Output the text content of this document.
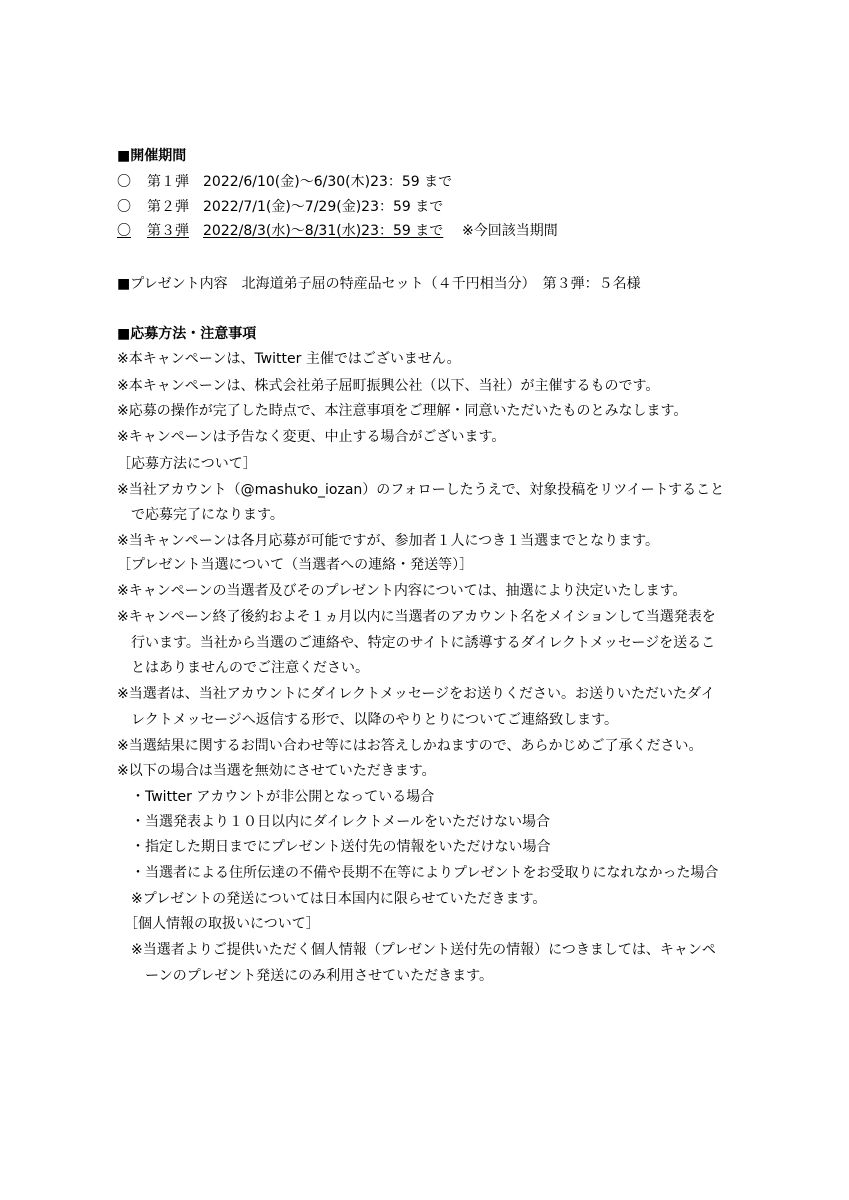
■開催期間
〇	第１弾	2022/6/10(金)～6/30(木)23：59 まで
〇	第２弾	2022/7/1(金)～7/29(金)23：59 まで
〇	第３弾	2022/8/3(水)～8/31(水)23：59 まで ※今回該当期間
■プレゼント内容　北海道弟子屈の特産品セット（４千円相当分）　第３弾：５名様
■応募方法・注意事項
※本キャンペーンは、Twitter 主催ではございません。
※本キャンペーンは、株式会社弟子屈町振興公社（以下、当社）が主催するものです。
※応募の操作が完了した時点で、本注意事項をご理解・同意いただいたものとみなします。
※キャンペーンは予告なく変更、中止する場合がございます。
［応募方法について］
※当社アカウント（@mashuko_iozan）のフォローしたうえで、対象投稿をリツイートすること
　で応募完了になります。
※当キャンペーンは各月応募が可能ですが、参加者１人につき１当選までとなります。
［プレゼント当選について（当選者への連絡・発送等）］
※キャンペーンの当選者及びそのプレゼント内容については、抽選により決定いたします。
※キャンペーン終了後約およそ１ヵ月以内に当選者のアカウント名をメイションして当選発表を
　行います。当社から当選のご連絡や、特定のサイトに誘導するダイレクトメッセージを送るこ
　とはありませんのでご注意ください。
※当選者は、当社アカウントにダイレクトメッセージをお送りください。お送りいただいたダイ
　レクトメッセージへ返信する形で、以降のやりとりについてご連絡致します。
※当選結果に関するお問い合わせ等にはお答えしかねますので、あらかじめご了承ください。
※以下の場合は当選を無効にさせていただきます。
　・Twitter アカウントが非公開となっている場合
　・当選発表より１０日以内にダイレクトメールをいただけない場合
　・指定した期日までにプレゼント送付先の情報をいただけない場合
　・当選者による住所伝達の不備や長期不在等によりプレゼントをお受取りになれなかった場合
　※プレゼントの発送については日本国内に限らせていただきます。
　［個人情報の取扱いについて］
　※当選者よりご提供いただく個人情報（プレゼント送付先の情報）につきましては、キャンペ
　　ーンのプレゼント発送にのみ利用させていただきます。
